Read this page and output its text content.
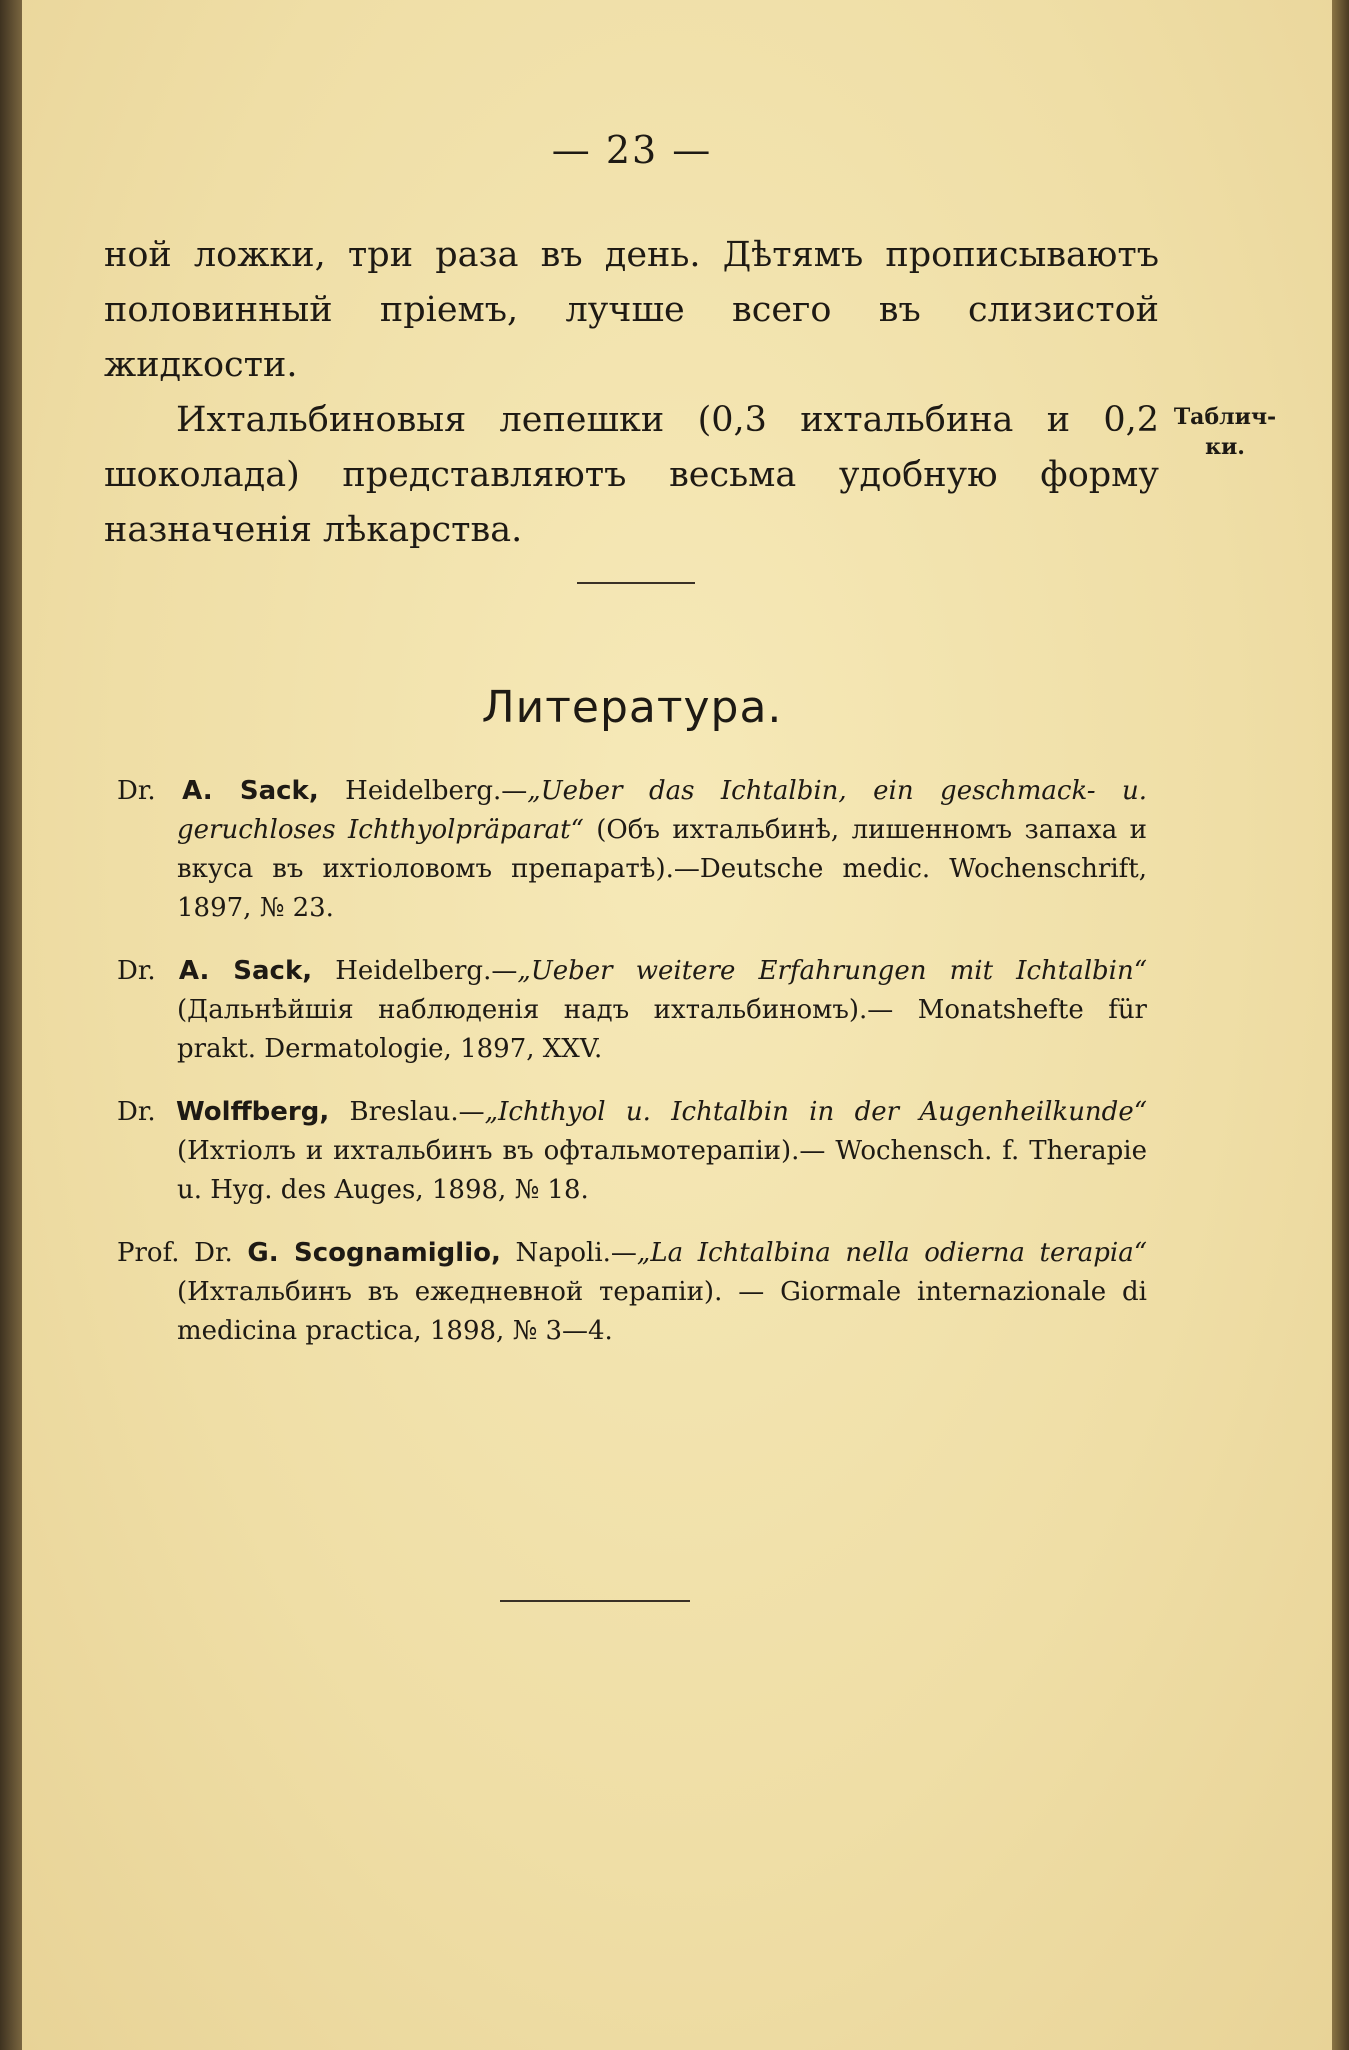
— 23 —

ной ложки, три раза въ день. Дѣтямъ прописываютъ половинный пріемъ, лучше всего въ слизистой жидкости.

Ихтальбиновыя лепешки (0,3 ихтальбина и 0,2 шоколада) представляютъ весьма удобную форму назначенія лѣкарства.

Таблич-
ки.
Литература.
Dr. A. Sack, Heidelberg.—„Ueber das Ichtalbin, ein geschmack- u. geruchloses Ichthyolpräparat“ (Объ ихтальбинѣ, лишенномъ запаха и вкуса въ ихтіоловомъ препаратѣ).—Deutsche medic. Wochenschrift, 1897, № 23.
Dr. A. Sack, Heidelberg.—„Ueber weitere Erfahrungen mit Ichtalbin“ (Дальнѣйшія наблюденія надъ ихтальбиномъ).— Monatshefte für prakt. Dermatologie, 1897, XXV.
Dr. Wolffberg, Breslau.—„Ichthyol u. Ichtalbin in der Augenheilkunde“ (Ихтіолъ и ихтальбинъ въ офтальмотерапіи).— Wochensch. f. Therapie u. Hyg. des Auges, 1898, № 18.
Prof. Dr. G. Scognamiglio, Napoli.—„La Ichtalbina nella odierna terapia“ (Ихтальбинъ въ ежедневной терапіи). — Giormale internazionale di medicina practica, 1898, № 3—4.
